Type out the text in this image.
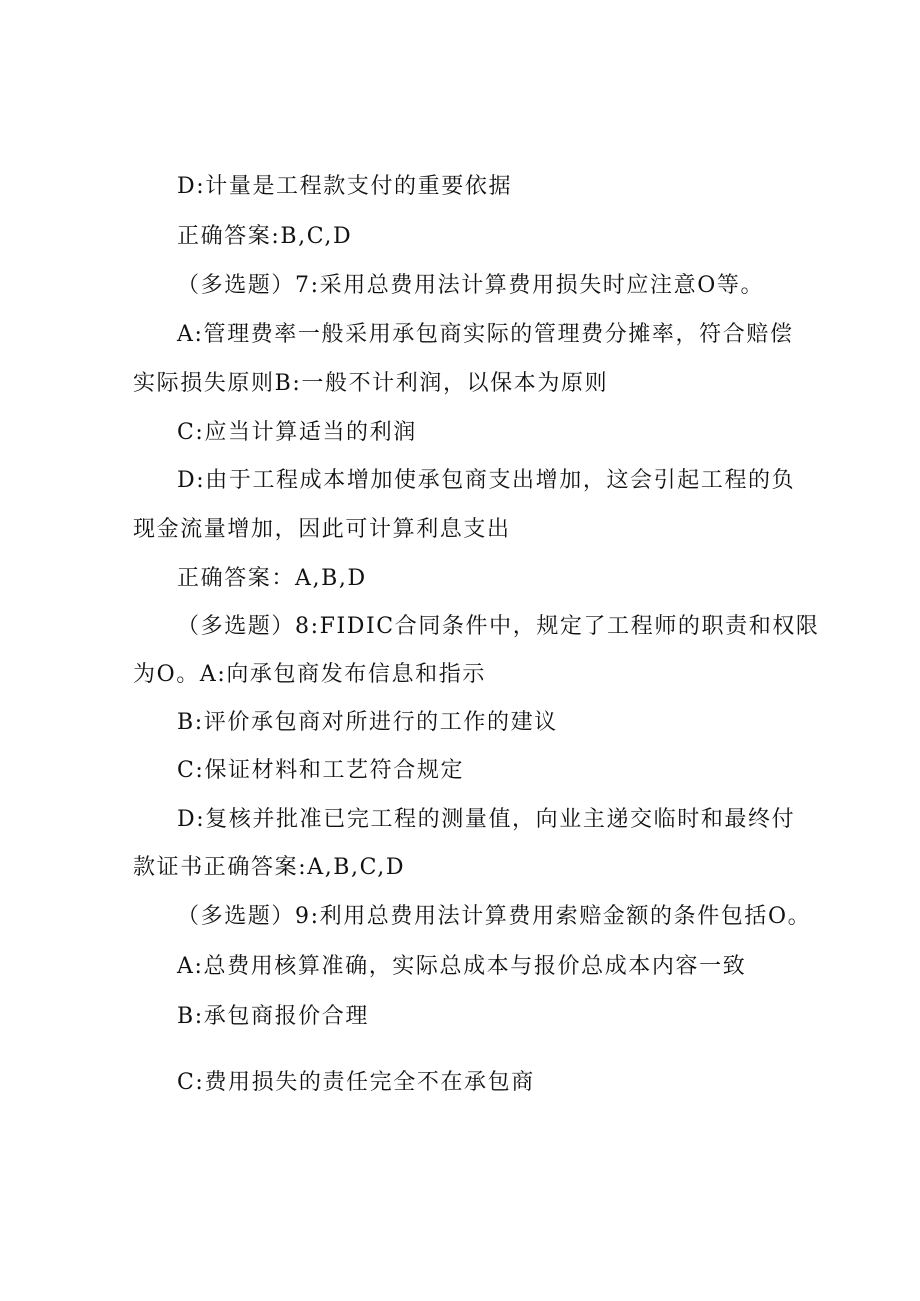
D:计量是工程款支付的重要依据

正确答案:B,C,D

（多选题）7:采用总费用法计算费用损失时应注意O等。

A:管理费率一般采用承包商实际的管理费分摊率，符合赔偿

实际损失原则B:一般不计利润，以保本为原则

C:应当计算适当的利润

D:由于工程成本增加使承包商支出增加，这会引起工程的负

现金流量增加，因此可计算利息支出

正确答案：A,B,D

（多选题）8:FIDIC合同条件中，规定了工程师的职责和权限

为O。A:向承包商发布信息和指示

B:评价承包商对所进行的工作的建议

C:保证材料和工艺符合规定

D:复核并批准已完工程的测量值，向业主递交临时和最终付

款证书正确答案:A,B,C,D

（多选题）9:利用总费用法计算费用索赔金额的条件包括O。

A:总费用核算准确，实际总成本与报价总成本内容一致

B:承包商报价合理

C:费用损失的责任完全不在承包商
